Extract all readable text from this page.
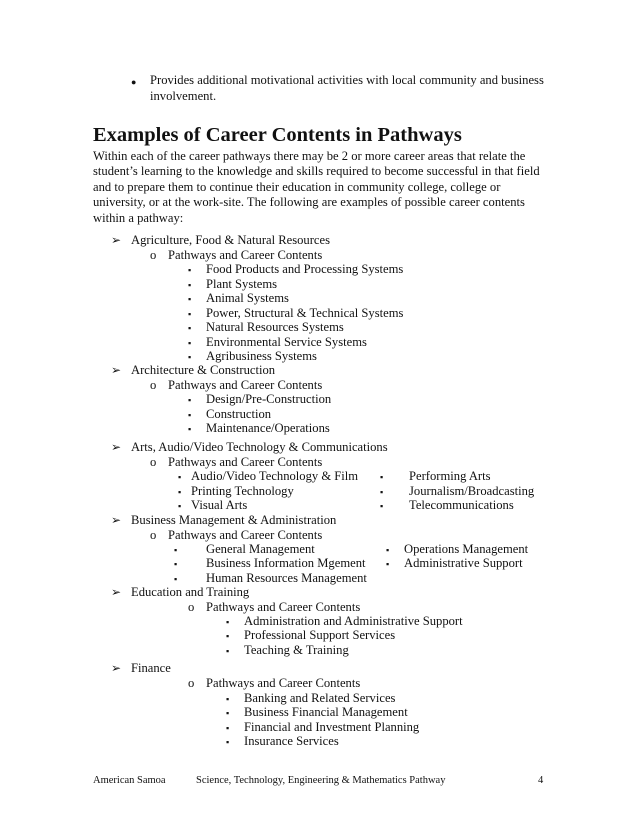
● Provides additional motivational activities with local community and business
involvement.
Examples of Career Contents in Pathways
Within each of the career pathways there may be 2 or more career areas that relate the
student’s learning to the knowledge and skills required to become successful in that field
and to prepare them to continue their education in community college, college or
university, or at the work-site. The following are examples of possible career contents
within a pathway:
➢ Agriculture, Food & Natural Resources
o Pathways and Career Contents
▪ Food Products and Processing Systems
▪ Plant Systems
▪ Animal Systems
▪ Power, Structural & Technical Systems
▪ Natural Resources Systems
▪ Environmental Service Systems
▪ Agribusiness Systems
➢ Architecture & Construction
o Pathways and Career Contents
▪ Design/Pre-Construction
▪ Construction
▪ Maintenance/Operations
➢ Arts, Audio/Video Technology & Communications
o Pathways and Career Contents
▪ Audio/Video Technology & Film
▪ Printing Technology
▪ Visual Arts
▪ Performing Arts
▪ Journalism/Broadcasting
▪ Telecommunications
➢ Business Management & Administration
o Pathways and Career Contents
▪ General Management
▪ Business Information Mgement
▪ Human Resources Management
▪ Operations Management
▪ Administrative Support
➢ Education and Training
o Pathways and Career Contents
▪ Administration and Administrative Support
▪ Professional Support Services
▪ Teaching & Training
➢ Finance
o Pathways and Career Contents
▪ Banking and Related Services
▪ Business Financial Management
▪ Financial and Investment Planning
▪ Insurance Services
American Samoa	Science, Technology, Engineering & Mathematics Pathway	4
